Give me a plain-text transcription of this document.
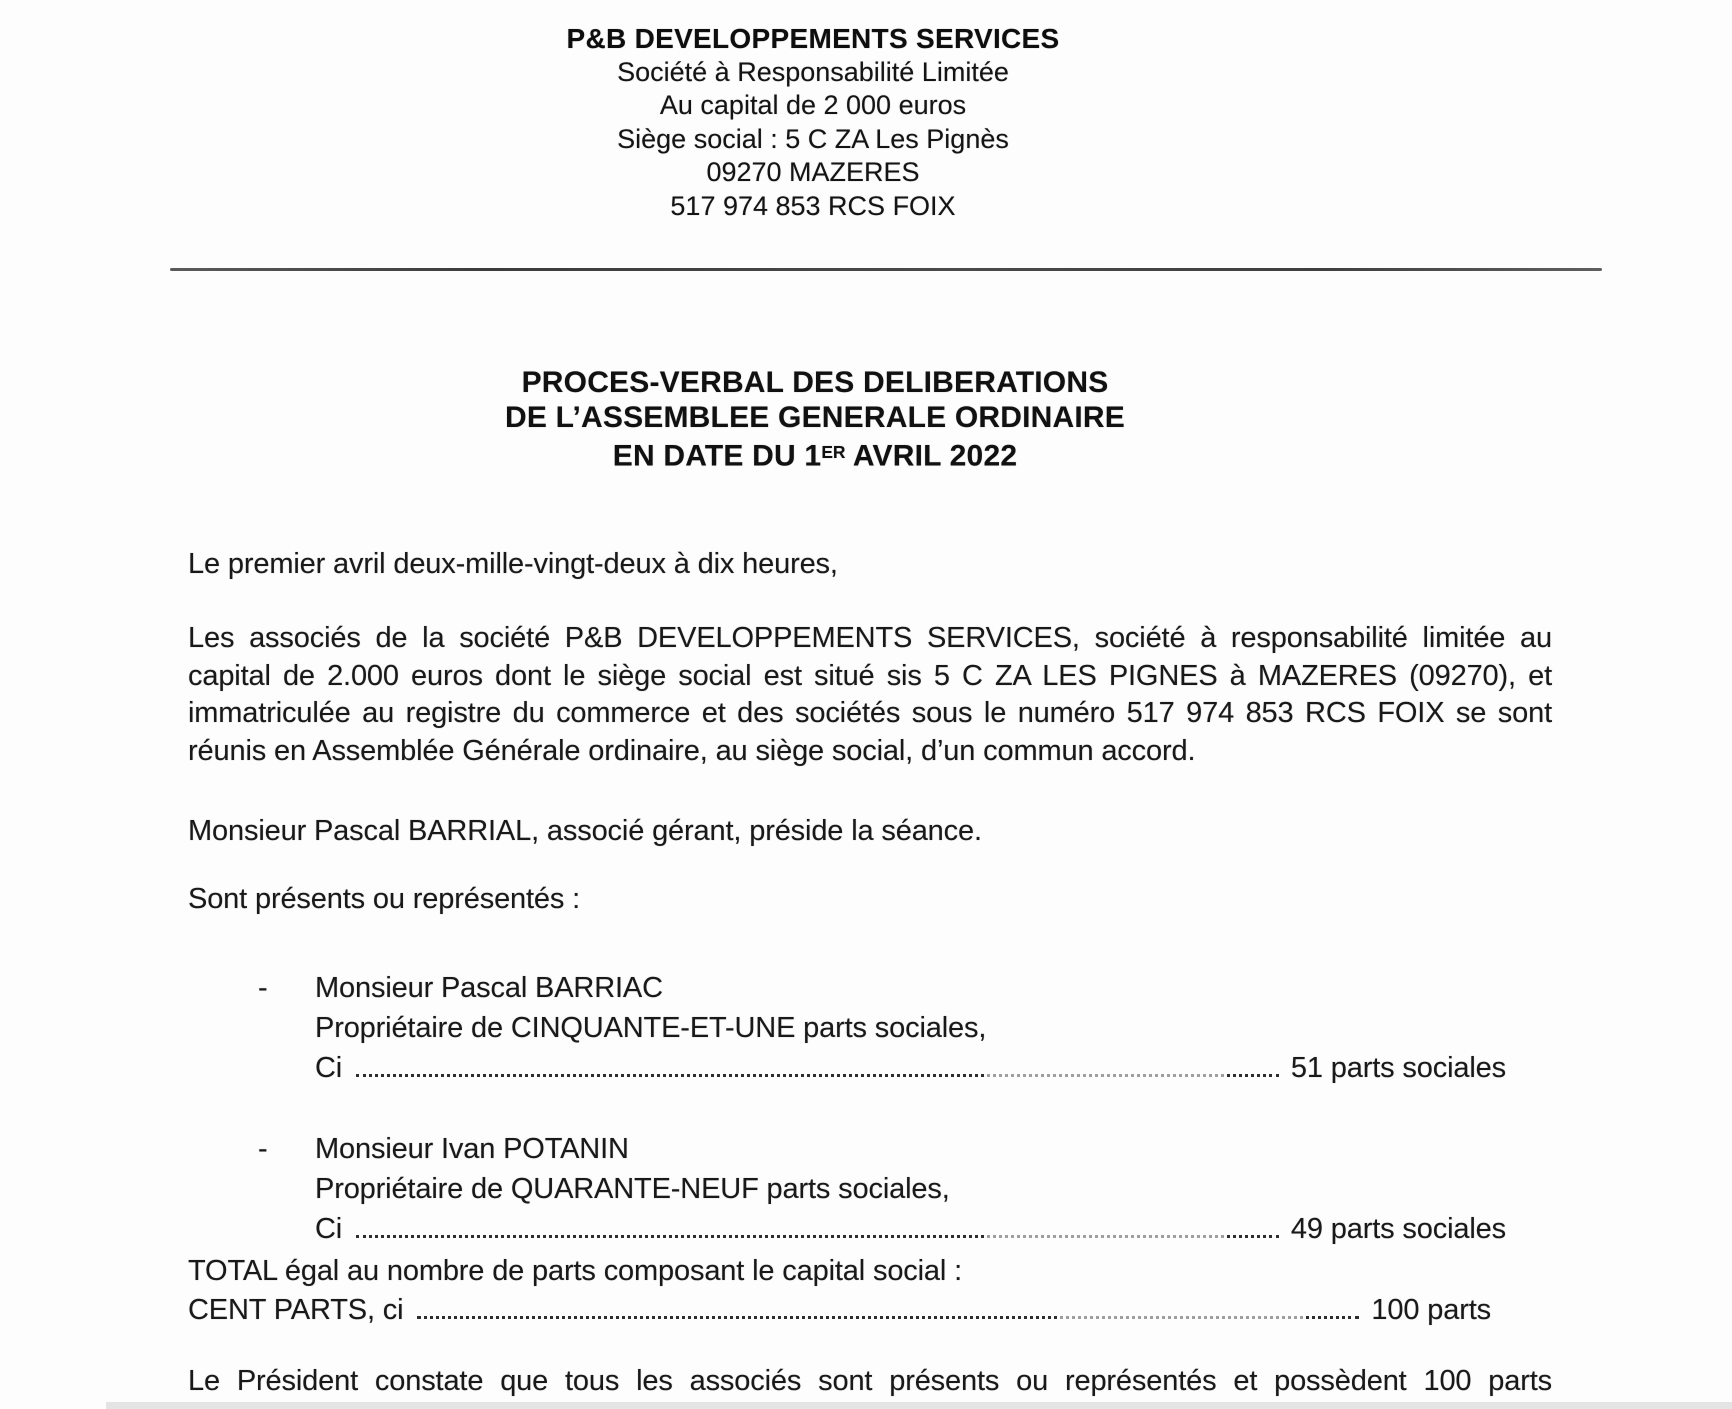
P&B DEVELOPPEMENTS SERVICES
Société à Responsabilité Limitée
Au capital de 2 000 euros
Siège social : 5 C ZA Les Pignès
09270 MAZERES
517 974 853 RCS FOIX
PROCES-VERBAL DES DELIBERATIONS
DE L’ASSEMBLEE GENERALE ORDINAIRE
EN DATE DU 1ER AVRIL 2022

Le premier avril deux-mille-vingt-deux à dix heures,

Les associés de la société P&B DEVELOPPEMENTS SERVICES, société à responsabilité limitée au capital de 2.000 euros dont le siège social est situé sis 5 C ZA LES PIGNES à MAZERES (09270), et immatriculée au registre du commerce et des sociétés sous le numéro 517 974 853 RCS FOIX se sont réunis en Assemblée Générale ordinaire, au siège social, d’un commun accord.

Monsieur Pascal BARRIAL, associé gérant, préside la séance.

Sont présents ou représentés :

- Monsieur Pascal BARRIAC
Propriétaire de CINQUANTE-ET-UNE parts sociales,
Ci	51 parts sociales
- Monsieur Ivan POTANIN
Propriétaire de QUARANTE-NEUF parts sociales,
Ci	49 parts sociales
TOTAL égal au nombre de parts composant le capital social :
CENT PARTS, ci	100 parts

Le Président constate que tous les associés sont présents ou représentés et possèdent 100 parts
